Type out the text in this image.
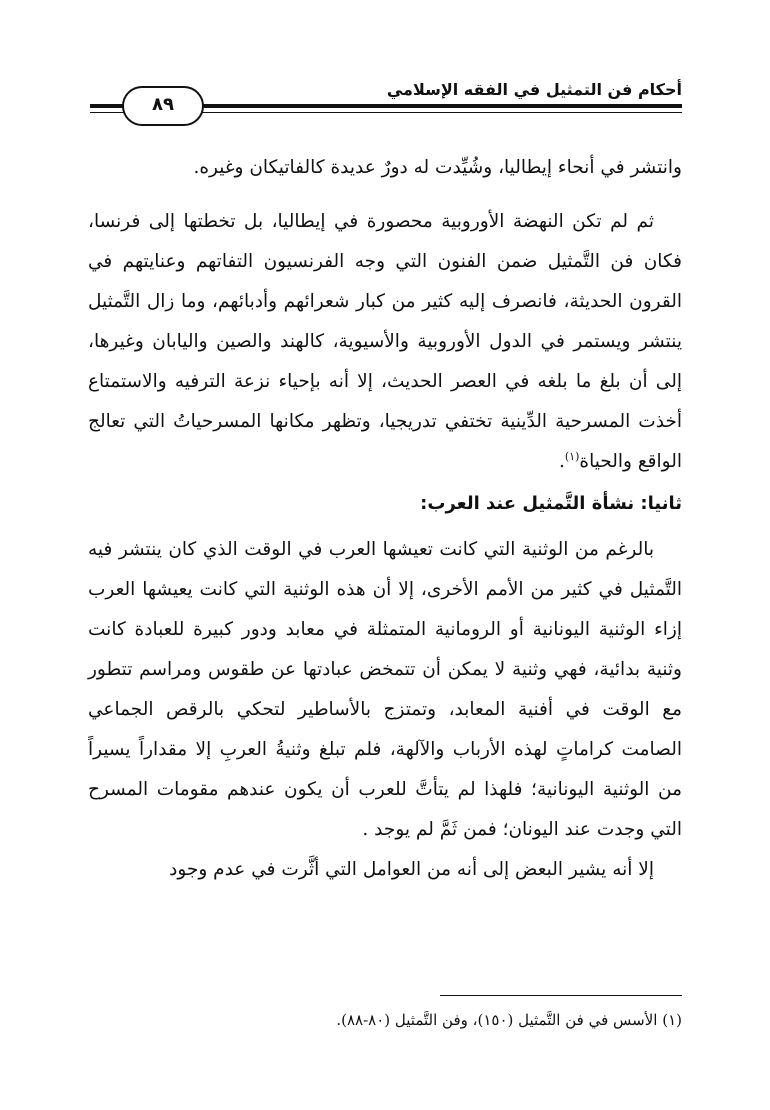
٨٩
أحكام فن التمثيل في الفقه الإسلامي

وانتشر في أنحاء إيطاليا، وشُيِّدت له دورٌ عديدة كالفاتيكان وغيره.

ثم لم تكن النهضة الأوروبية محصورة في إيطاليا، بل تخطتها إلى فرنسا، فكان فن التَّمثيل ضمن الفنون التي وجه الفرنسيون التفاتهم وعنايتهم في القرون الحديثة، فانصرف إليه كثير من كبار شعرائهم وأدبائهم، وما زال التَّمثيل ينتشر ويستمر في الدول الأوروبية والأسيوية، كالهند والصين واليابان وغيرها، إلى أن بلغ ما بلغه في العصر الحديث، إلا أنه بإحياء نزعة الترفيه والاستمتاع أخذت المسرحية الدِّينية تختفي تدريجيا، وتظهر مكانها المسرحياتُ التي تعالج الواقع والحياة$^{(١)}$.

ثانيا: نشأة التَّمثيل عند العرب:

بالرغم من الوثنية التي كانت تعيشها العرب في الوقت الذي كان ينتشر فيه التَّمثيل في كثير من الأمم الأخرى، إلا أن هذه الوثنية التي كانت يعيشها العرب إزاء الوثنية اليونانية أو الرومانية المتمثلة في معابد ودور كبيرة للعبادة كانت وثنية بدائية، فهي وثنية لا يمكن أن تتمخض عبادتها عن طقوس ومراسم تتطور مع الوقت في أفنية المعابد، وتمتزج بالأساطير لتحكي بالرقص الجماعي الصامت كراماتٍ لهذه الأرباب والآلهة، فلم تبلغ وثنيةُ العربِ إلا مقداراً يسيراً من الوثنية اليونانية؛ فلهذا لم يتأتَّ للعرب أن يكون عندهم مقومات المسرح التي وجدت عند اليونان؛ فمن ثَمَّ لم يوجد .

إلا أنه يشير البعض إلى أنه من العوامل التي أثَّرت في عدم وجود

(١) الأسس في فن التَّمثيل (١٥٠)، وفن التَّمثيل (٨٠-٨٨).
